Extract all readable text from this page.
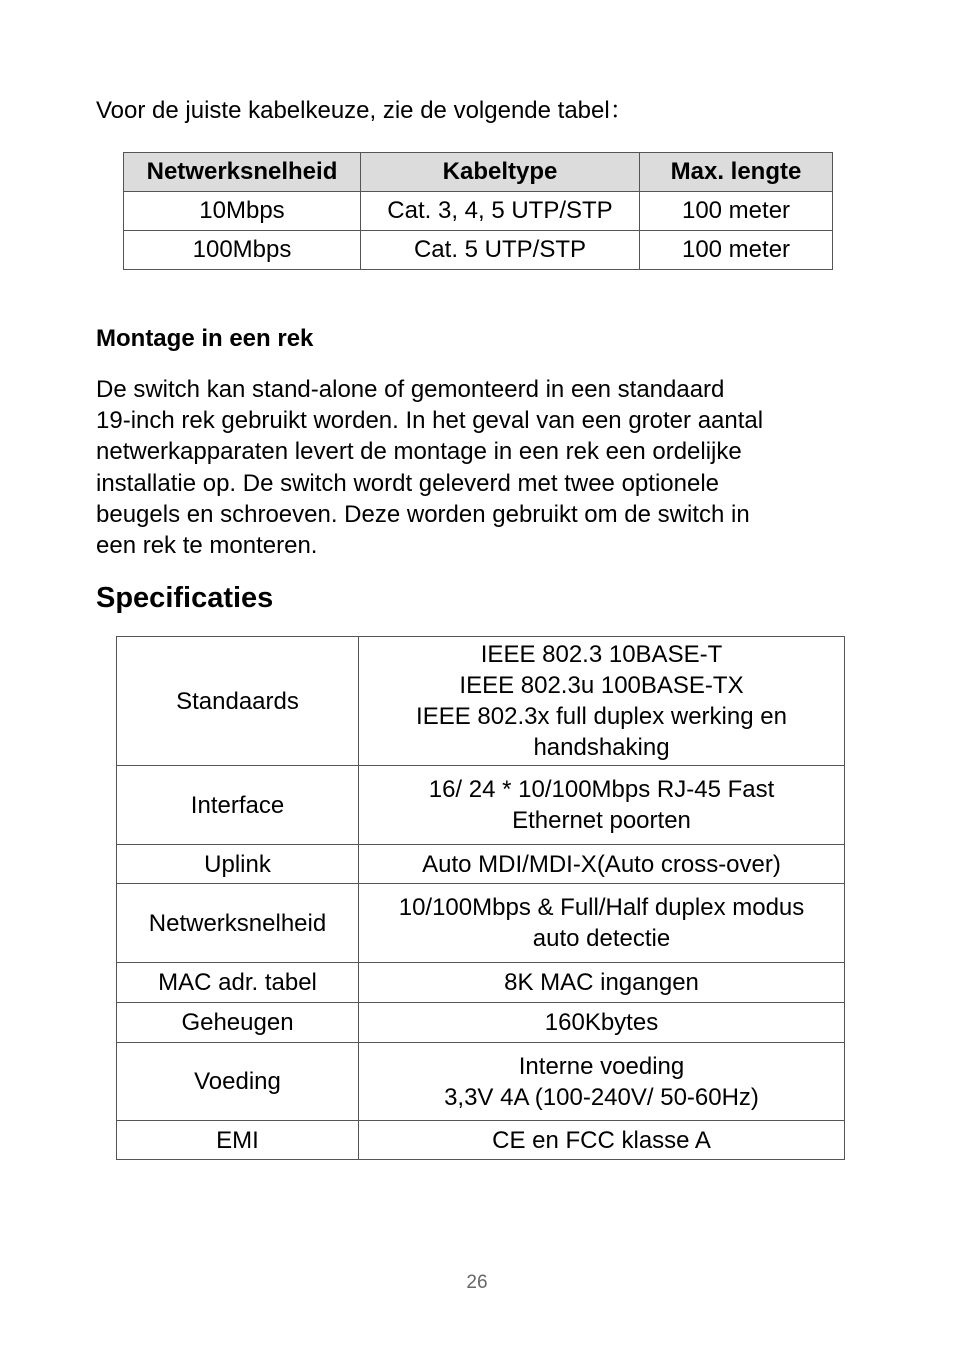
Voor de juiste kabelkeuze, zie de volgende tabel：
Netwerksnelheid	Kabeltype	Max. lengte
10Mbps	Cat. 3, 4, 5 UTP/STP	100 meter
100Mbps	Cat. 5 UTP/STP	100 meter
Montage in een rek
De switch kan stand-alone of gemonteerd in een standaard
19-inch rek gebruikt worden. In het geval van een groter aantal
netwerkapparaten levert de montage in een rek een ordelijke
installatie op. De switch wordt geleverd met twee optionele
beugels en schroeven. Deze worden gebruikt om de switch in
een rek te monteren.
Specificaties
Standaards	IEEE 802.3 10BASE-T
IEEE 802.3u 100BASE-TX
IEEE 802.3x full duplex werking en
handshaking

Interface	16/ 24 * 10/100Mbps RJ-45 Fast
Ethernet poorten

Uplink	Auto MDI/MDI-X(Auto cross-over)

Netwerksnelheid	10/100Mbps & Full/Half duplex modus
auto detectie

MAC adr. tabel	8K MAC ingangen

Geheugen	160Kbytes

Voeding	Interne voeding
3,3V 4A (100-240V/ 50-60Hz)

EMI	CE en FCC klasse A
26
